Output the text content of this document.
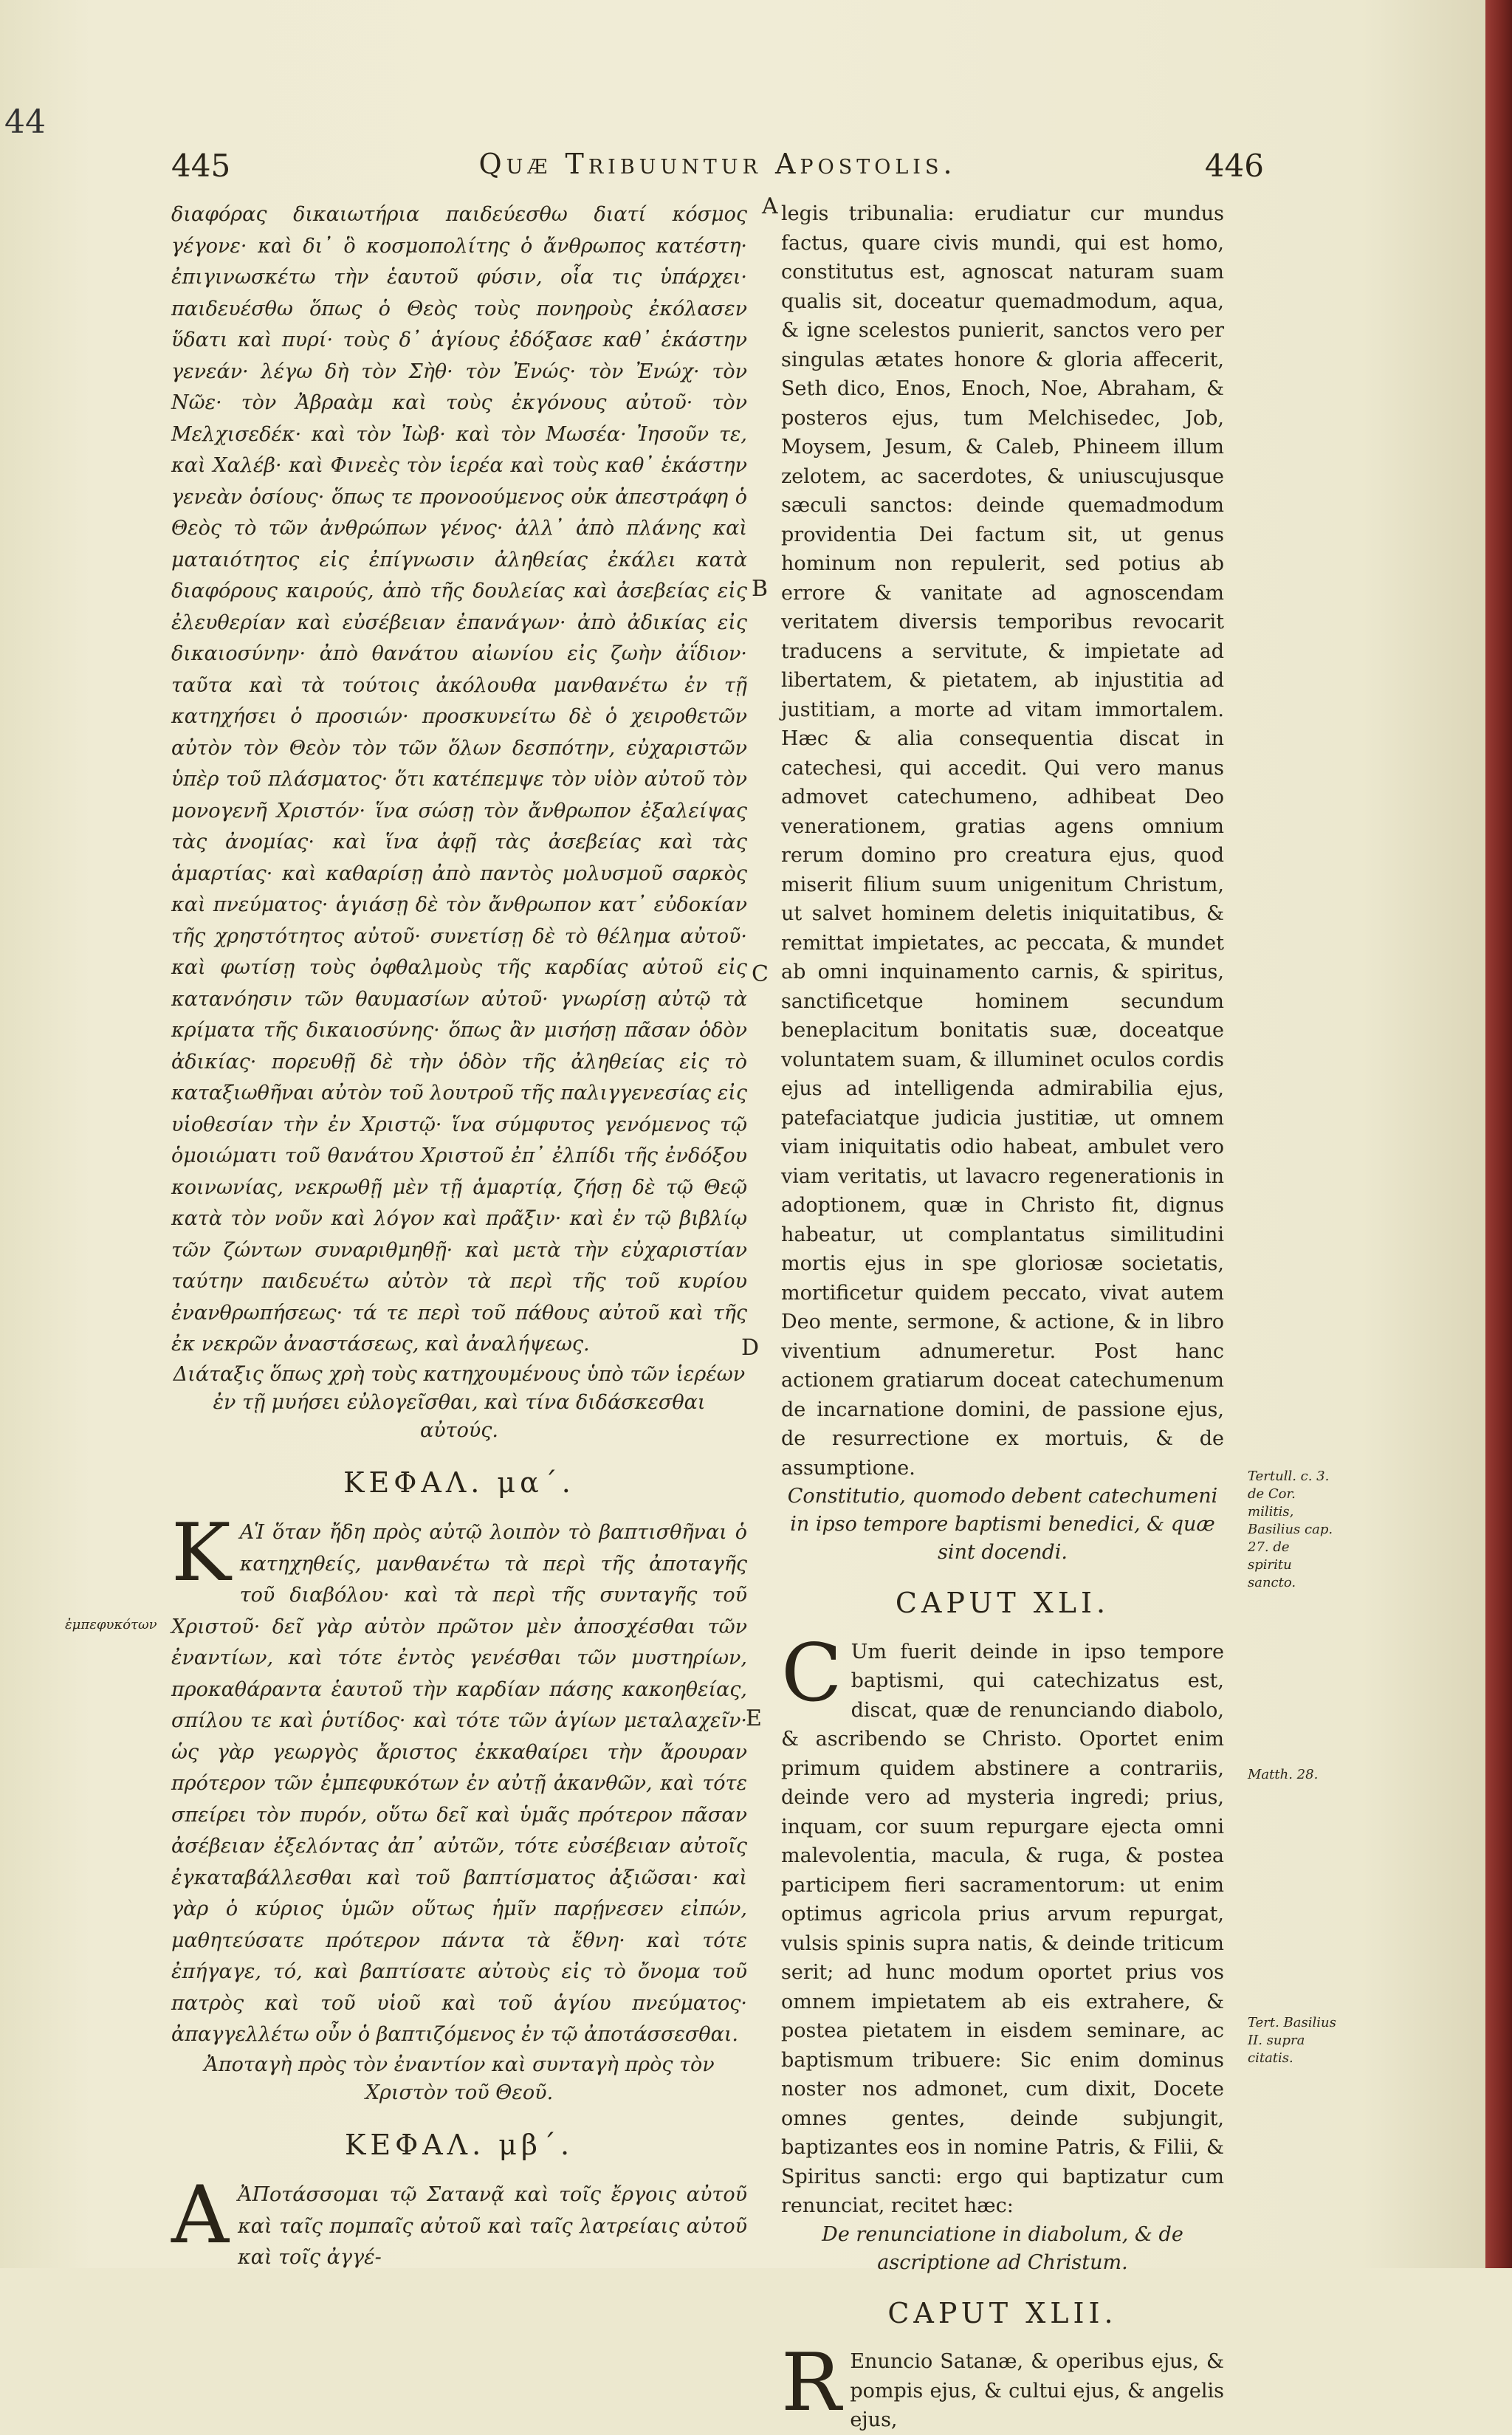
44
445	Quæ Tribuuntur Apostolis.	446
A
B
C
D
E
ἐμπεφυκότων

διαφόρας δικαιωτήρια παιδεύεσθω διατί κόσμος γέγονε· καὶ δι᾽ ὃ κοσμοπολίτης ὁ ἄνθρωπος κατέστη· ἐπιγινωσκέτω τὴν ἑαυτοῦ φύσιν, οἷα τις ὑπάρχει· παιδευέσθω ὅπως ὁ Θεὸς τοὺς πονηροὺς ἐκόλασεν ὕδατι καὶ πυρί· τοὺς δ᾽ ἁγίους ἐδόξασε καθ᾽ ἑκάστην γενεάν· λέγω δὴ τὸν Σὴθ· τὸν Ἐνώς· τὸν Ἐνώχ· τὸν Νῶε· τὸν Ἀβραὰμ καὶ τοὺς ἐκγόνους αὐτοῦ· τὸν Μελχισεδέκ· καὶ τὸν Ἰὼβ· καὶ τὸν Μωσέα· Ἰησοῦν τε, καὶ Χαλέβ· καὶ Φινεὲς τὸν ἱερέα καὶ τοὺς καθ᾽ ἑκάστην γενεὰν ὁσίους· ὅπως τε προνοούμενος οὐκ ἀπεστράφη ὁ Θεὸς τὸ τῶν ἀνθρώπων γένος· ἀλλ᾽ ἀπὸ πλάνης καὶ ματαιότητος εἰς ἐπίγνωσιν ἀληθείας ἐκάλει κατὰ διαφόρους καιρούς, ἀπὸ τῆς δουλείας καὶ ἀσεβείας εἰς ἐλευθερίαν καὶ εὐσέβειαν ἐπανάγων· ἀπὸ ἀδικίας εἰς δικαιοσύνην· ἀπὸ θανάτου αἰωνίου εἰς ζωὴν ἀΐδιον· ταῦτα καὶ τὰ τούτοις ἀκόλουθα μανθανέτω ἐν τῇ κατηχήσει ὁ προσιών· προσκυνείτω δὲ ὁ χειροθετῶν αὐτὸν τὸν Θεὸν τὸν τῶν ὅλων δεσπότην, εὐχαριστῶν ὑπὲρ τοῦ πλάσματος· ὅτι κατέπεμψε τὸν υἱὸν αὐτοῦ τὸν μονογενῆ Χριστόν· ἵνα σώσῃ τὸν ἄνθρωπον ἐξαλείψας τὰς ἀνομίας· καὶ ἵνα ἀφῇ τὰς ἀσεβείας καὶ τὰς ἁμαρτίας· καὶ καθαρίσῃ ἀπὸ παντὸς μολυσμοῦ σαρκὸς καὶ πνεύματος· ἁγιάσῃ δὲ τὸν ἄνθρωπον κατ᾽ εὐδοκίαν τῆς χρηστότητος αὐτοῦ· συνετίσῃ δὲ τὸ θέλημα αὐτοῦ· καὶ φωτίσῃ τοὺς ὀφθαλμοὺς τῆς καρδίας αὐτοῦ εἰς κατανόησιν τῶν θαυμασίων αὐτοῦ· γνωρίσῃ αὐτῷ τὰ κρίματα τῆς δικαιοσύνης· ὅπως ἂν μισήσῃ πᾶσαν ὁδὸν ἀδικίας· πορευθῇ δὲ τὴν ὁδὸν τῆς ἀληθείας εἰς τὸ καταξιωθῆναι αὐτὸν τοῦ λουτροῦ τῆς παλιγγενεσίας εἰς υἱοθεσίαν τὴν ἐν Χριστῷ· ἵνα σύμφυτος γενόμενος τῷ ὁμοιώματι τοῦ θανάτου Χριστοῦ ἐπ᾽ ἐλπίδι τῆς ἐνδόξου κοινωνίας, νεκρωθῇ μὲν τῇ ἁμαρτίᾳ, ζήσῃ δὲ τῷ Θεῷ κατὰ τὸν νοῦν καὶ λόγον καὶ πρᾶξιν· καὶ ἐν τῷ βιβλίῳ τῶν ζώντων συναριθμηθῇ· καὶ μετὰ τὴν εὐχαριστίαν ταύτην παιδευέτω αὐτὸν τὰ περὶ τῆς τοῦ κυρίου ἐνανθρωπήσεως· τά τε περὶ τοῦ πάθους αὐτοῦ καὶ τῆς ἐκ νεκρῶν ἀναστάσεως, καὶ ἀναλήψεως.

Διάταξις ὅπως χρὴ τοὺς κατηχουμένους ὑπὸ τῶν ἱερέων ἐν τῇ μυήσει εὐλογεῖσθαι, καὶ τίνα διδάσκεσθαι αὐτούς.

ΚΕΦΑΛ. μα΄.

KΑἹ ὅταν ἤδη πρὸς αὐτῷ λοιπὸν τὸ βαπτισθῆναι ὁ κατηχηθείς, μανθανέτω τὰ περὶ τῆς ἀποταγῆς τοῦ διαβόλου· καὶ τὰ περὶ τῆς συνταγῆς τοῦ Χριστοῦ· δεῖ γὰρ αὐτὸν πρῶτον μὲν ἀποσχέσθαι τῶν ἐναντίων, καὶ τότε ἐντὸς γενέσθαι τῶν μυστηρίων, προκαθάραντα ἑαυτοῦ τὴν καρδίαν πάσης κακοηθείας, σπίλου τε καὶ ῥυτίδος· καὶ τότε τῶν ἁγίων μεταλαχεῖν· ὡς γὰρ γεωργὸς ἄριστος ἐκκαθαίρει τὴν ἄρουραν πρότερον τῶν ἐμπεφυκότων ἐν αὐτῇ ἀκανθῶν, καὶ τότε σπείρει τὸν πυρόν, οὕτω δεῖ καὶ ὑμᾶς πρότερον πᾶσαν ἀσέβειαν ἐξελόντας ἀπ᾽ αὐτῶν, τότε εὐσέβειαν αὐτοῖς ἐγκαταβάλλεσθαι καὶ τοῦ βαπτίσματος ἀξιῶσαι· καὶ γὰρ ὁ κύριος ὑμῶν οὕτως ἡμῖν παρῄνεσεν εἰπών, μαθητεύσατε πρότερον πάντα τὰ ἔθνη· καὶ τότε ἐπήγαγε, τό, καὶ βαπτίσατε αὐτοὺς εἰς τὸ ὄνομα τοῦ πατρὸς καὶ τοῦ υἱοῦ καὶ τοῦ ἁγίου πνεύματος· ἀπαγγελλέτω οὖν ὁ βαπτιζόμενος ἐν τῷ ἀποτάσσεσθαι.

Ἀποταγὴ πρὸς τὸν ἐναντίον καὶ συνταγὴ πρὸς τὸν Χριστὸν τοῦ Θεοῦ.

ΚΕΦΑΛ. μβ΄.

A ἈΠοτάσσομαι τῷ Σατανᾷ καὶ τοῖς ἔργοις αὐτοῦ καὶ ταῖς πομπαῖς αὐτοῦ καὶ ταῖς λατρείαις αὐτοῦ καὶ τοῖς ἀγγέ-

legis tribunalia: erudiatur cur mundus factus, quare civis mundi, qui est homo, constitutus est, agnoscat naturam suam qualis sit, doceatur quemadmodum, aqua, & igne scelestos punierit, sanctos vero per singulas ætates honore & gloria affecerit, Seth dico, Enos, Enoch, Noe, Abraham, & posteros ejus, tum Melchisedec, Job, Moysem, Jesum, & Caleb, Phineem illum zelotem, ac sacerdotes, & uniuscujusque sæculi sanctos: deinde quemadmodum providentia Dei factum sit, ut genus hominum non repulerit, sed potius ab errore & vanitate ad agnoscendam veritatem diversis temporibus revocarit traducens a servitute, & impietate ad libertatem, & pietatem, ab injustitia ad justitiam, a morte ad vitam immortalem. Hæc & alia consequentia discat in catechesi, qui accedit. Qui vero manus admovet catechumeno, adhibeat Deo venerationem, gratias agens omnium rerum domino pro creatura ejus, quod miserit filium suum unigenitum Christum, ut salvet hominem deletis iniquitatibus, & remittat impietates, ac peccata, & mundet ab omni inquinamento carnis, & spiritus, sanctificetque hominem secundum beneplacitum bonitatis suæ, doceatque voluntatem suam, & illuminet oculos cordis ejus ad intelligenda admirabilia ejus, patefaciatque judicia justitiæ, ut omnem viam iniquitatis odio habeat, ambulet vero viam veritatis, ut lavacro regenerationis in adoptionem, quæ in Christo fit, dignus habeatur, ut complantatus similitudini mortis ejus in spe gloriosæ societatis, mortificetur quidem peccato, vivat autem Deo mente, sermone, & actione, & in libro viventium adnumeretur. Post hanc actionem gratiarum doceat catechumenum de incarnatione domini, de passione ejus, de resurrectione ex mortuis, & de assumptione.

Constitutio, quomodo debent catechumeni in ipso tempore baptismi benedici, & quæ sint docendi.

CAPUT XLI.

C Um fuerit deinde in ipso tempore baptismi, qui catechizatus est, discat, quæ de renunciando diabolo, & ascribendo se Christo. Oportet enim primum quidem abstinere a contrariis, deinde vero ad mysteria ingredi; prius, inquam, cor suum repurgare ejecta omni malevolentia, macula, & ruga, & postea participem fieri sacramentorum: ut enim optimus agricola prius arvum repurgat, vulsis spinis supra natis, & deinde triticum serit; ad hunc modum oportet prius vos omnem impietatem ab eis extrahere, & postea pietatem in eisdem seminare, ac baptismum tribuere: Sic enim dominus noster nos admonet, cum dixit, Docete omnes gentes, deinde subjungit, baptizantes eos in nomine Patris, & Filii, & Spiritus sancti: ergo qui baptizatur cum renunciat, recitet hæc:

De renunciatione in diabolum, & de ascriptione ad Christum.

CAPUT XLII.

R Enuncio Satanæ, & operibus ejus, & pompis ejus, & cultui ejus, & angelis ejus,

Tertull. c. 3. de Cor. militis, Basilius cap. 27. de spiritu sancto.
Matth. 28.
Tert. Basilius II. supra citatis.
